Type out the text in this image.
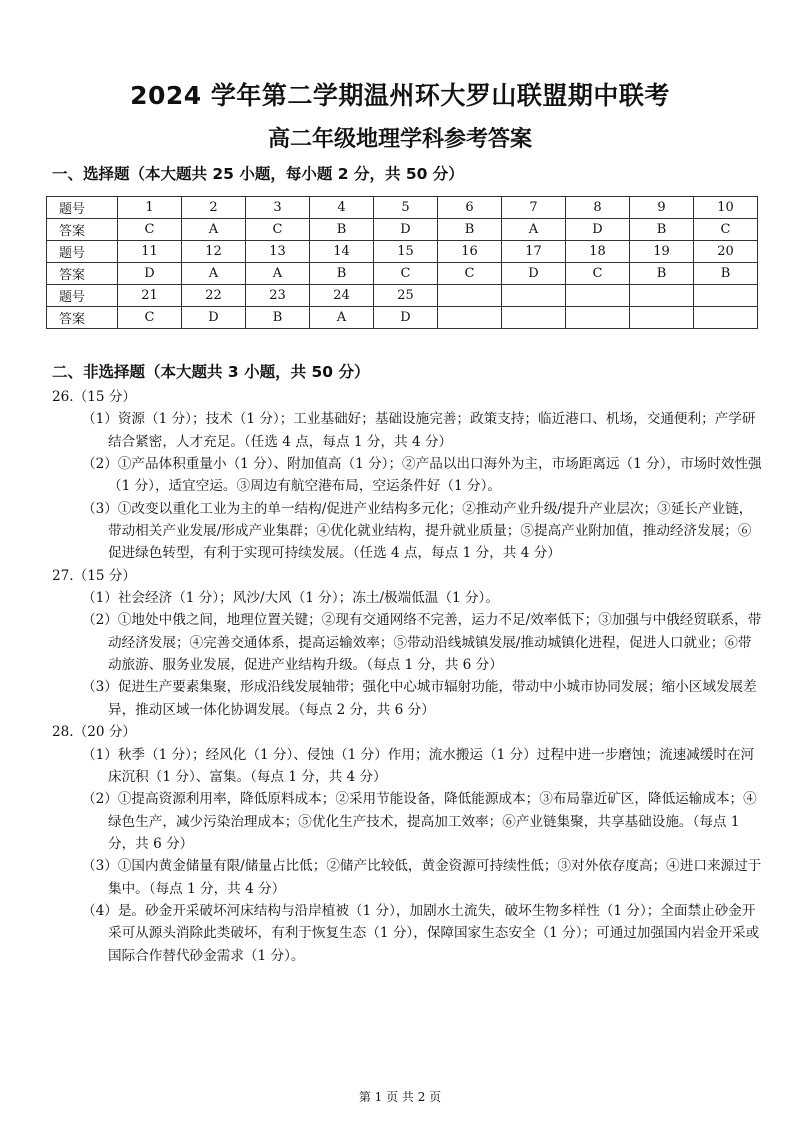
2024 学年第二学期温州环大罗山联盟期中联考
高二年级地理学科参考答案
一、选择题（本大题共 25 小题，每小题 2 分，共 50 分）
题号	1	2	3	4	5	6	7	8	9	10
答案	C	A	C	B	D	B	A	D	B	C
题号	11	12	13	14	15	16	17	18	19	20
答案	D	A	A	B	C	C	D	C	B	B
题号	21	22	23	24	25					
答案	C	D	B	A	D					
二、非选择题（本大题共 3 小题，共 50 分）

26.（15 分）

（1）资源（1 分）；技术（1 分）；工业基础好；基础设施完善；政策支持；临近港口、机场，交通便利；产学研结合紧密，人才充足。（任选 4 点，每点 1 分，共 4 分）

（2）①产品体积重量小（1 分）、附加值高（1 分）；②产品以出口海外为主，市场距离远（1 分），市场时效性强（1 分），适宜空运。③周边有航空港布局，空运条件好（1 分）。

（3）①改变以重化工业为主的单一结构/促进产业结构多元化；②推动产业升级/提升产业层次；③延长产业链，带动相关产业发展/形成产业集群；④优化就业结构，提升就业质量；⑤提高产业附加值，推动经济发展；⑥促进绿色转型，有利于实现可持续发展。（任选 4 点，每点 1 分，共 4 分）

27.（15 分）

（1）社会经济（1 分）；风沙/大风（1 分）；冻土/极端低温（1 分）。

（2）①地处中俄之间，地理位置关键；②现有交通网络不完善，运力不足/效率低下；③加强与中俄经贸联系，带动经济发展；④完善交通体系，提高运输效率；⑤带动沿线城镇发展/推动城镇化进程，促进人口就业；⑥带动旅游、服务业发展，促进产业结构升级。（每点 1 分，共 6 分）

（3）促进生产要素集聚，形成沿线发展轴带；强化中心城市辐射功能，带动中小城市协同发展；缩小区域发展差异，推动区域一体化协调发展。（每点 2 分，共 6 分）

28.（20 分）

（1）秋季（1 分）；经风化（1 分）、侵蚀（1 分）作用；流水搬运（1 分）过程中进一步磨蚀；流速减缓时在河床沉积（1 分）、富集。（每点 1 分，共 4 分）

（2）①提高资源利用率，降低原料成本；②采用节能设备，降低能源成本；③布局靠近矿区，降低运输成本；④绿色生产，减少污染治理成本；⑤优化生产技术，提高加工效率；⑥产业链集聚，共享基础设施。（每点 1 分，共 6 分）

（3）①国内黄金储量有限/储量占比低；②储产比较低，黄金资源可持续性低；③对外依存度高；④进口来源过于集中。（每点 1 分，共 4 分）

（4）是。砂金开采破坏河床结构与沿岸植被（1 分），加剧水土流失，破坏生物多样性（1 分）；全面禁止砂金开采可从源头消除此类破坏，有利于恢复生态（1 分），保障国家生态安全（1 分）；可通过加强国内岩金开采或国际合作替代砂金需求（1 分）。

第 1 页 共 2 页
